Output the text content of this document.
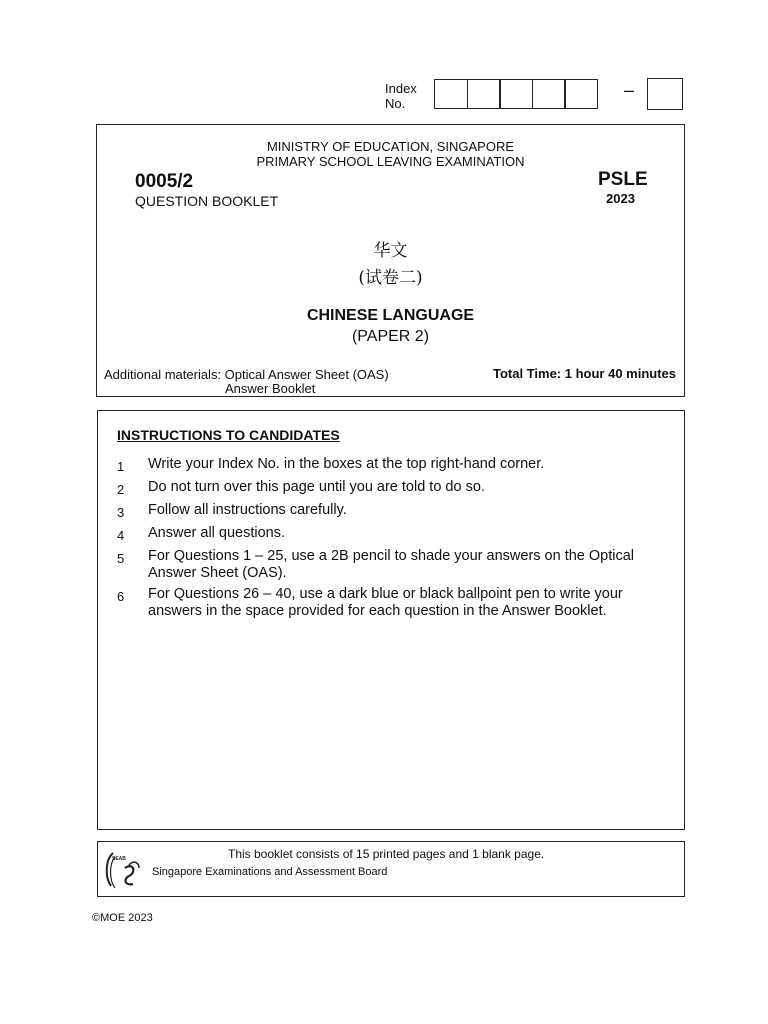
Index
No.
–
MINISTRY OF EDUCATION, SINGAPORE
PRIMARY SCHOOL LEAVING EXAMINATION
0005/2
QUESTION BOOKLET
PSLE
2023
华文
(试卷二)
CHINESE LANGUAGE
(PAPER 2)
Additional materials: Optical Answer Sheet (OAS)
Answer Booklet
Total Time: 1 hour 40 minutes
INSTRUCTIONS TO CANDIDATES
1	Write your Index No. in the boxes at the top right-hand corner.
2	Do not turn over this page until you are told to do so.
3	Follow all instructions carefully.
4	Answer all questions.
5	For Questions 1 – 25, use a 2B pencil to shade your answers on the Optical Answer Sheet (OAS).
6	For Questions 26 – 40, use a dark blue or black ballpoint pen to write your answers in the space provided for each question in the Answer Booklet.
SEAB	This booklet consists of 15 printed pages and 1 blank page.
Singapore Examinations and Assessment Board
©MOE 2023
